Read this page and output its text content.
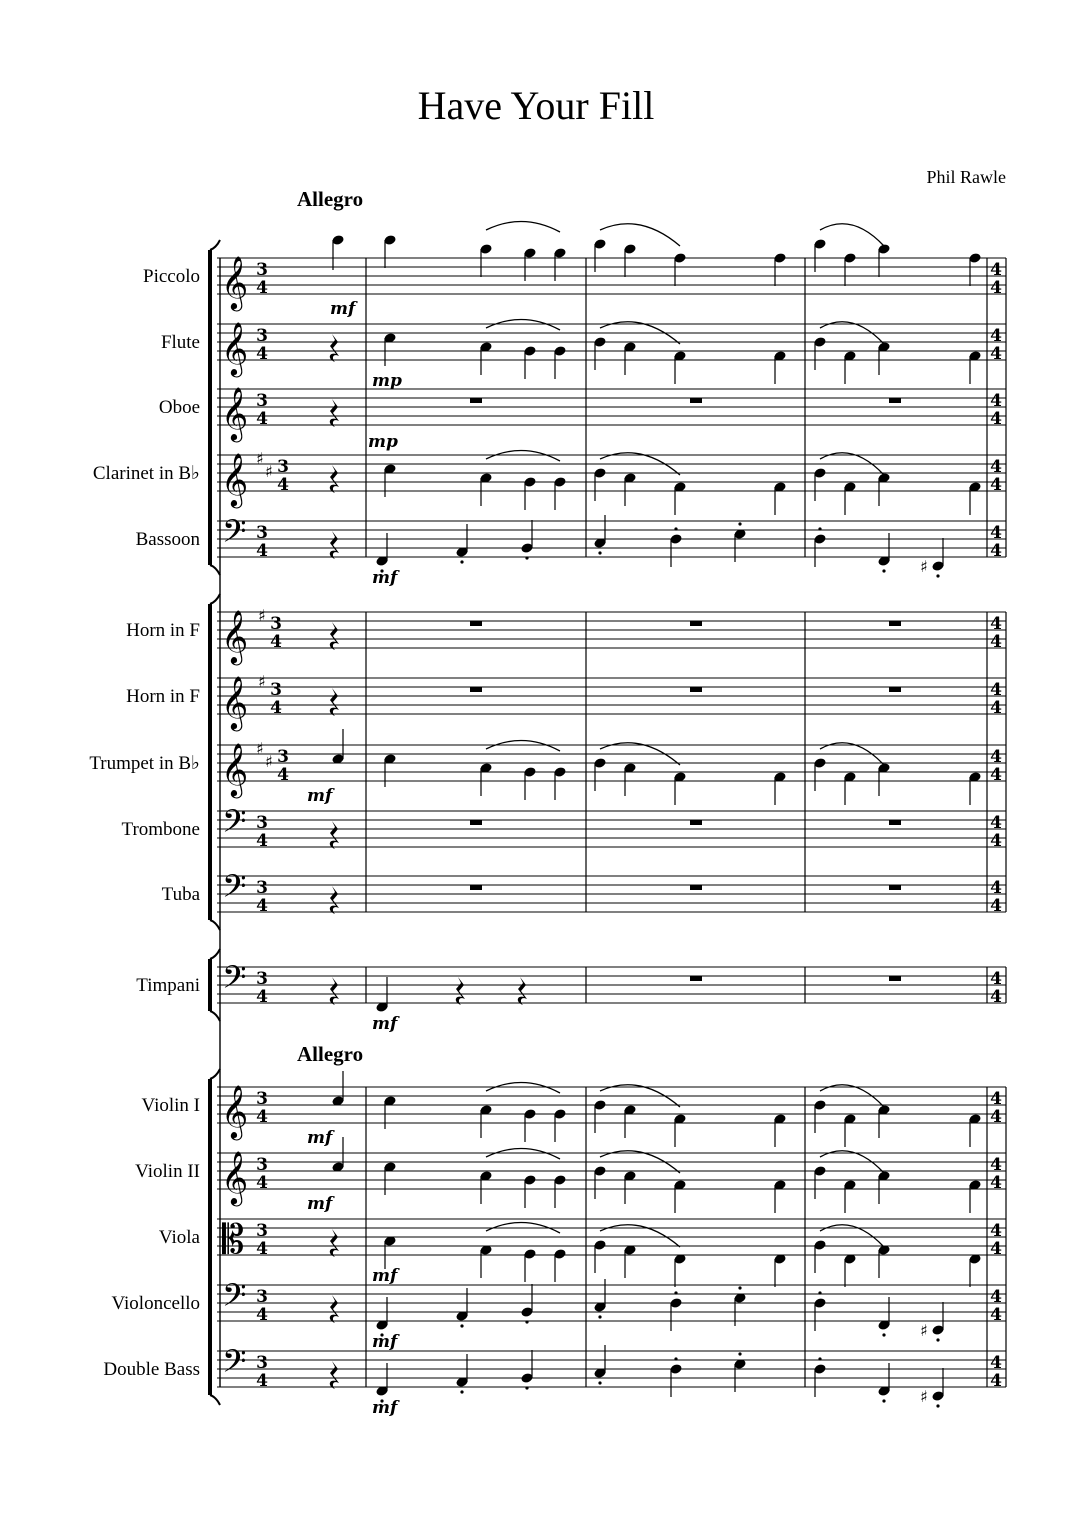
Have Your Fill
Phil Rawle
Allegro
Allegro
Piccolo 𝄞 3
4
4
4
mf
Flute 𝄞 3
4
4
4
mp
Oboe 𝄞 3
4
4
4
Clarinet in B♭ 𝄞 ♯
♯ 3
4
4
4
mp
Bassoon 𝄢 3
4
4
4
♯
mf
Horn in F 𝄞 ♯ 3
4
4
4
Horn in F 𝄞 ♯ 3
4
4
4
Trumpet in B♭ 𝄞 ♯
♯ 3
4
4
4
mf
Trombone 𝄢 3
4
4
4
Tuba 𝄢 3
4
4
4
Timpani 𝄢 3
4
4
4
mf
Violin I 𝄞 3
4
4
4
mf
Violin II 𝄞 3
4
4
4
mf
Viola 𝄡 3
4
4
4
mf
Violoncello 𝄢 3
4
4
4
♯
mf
Double Bass 𝄢 3
4
4
4
♯
mf
